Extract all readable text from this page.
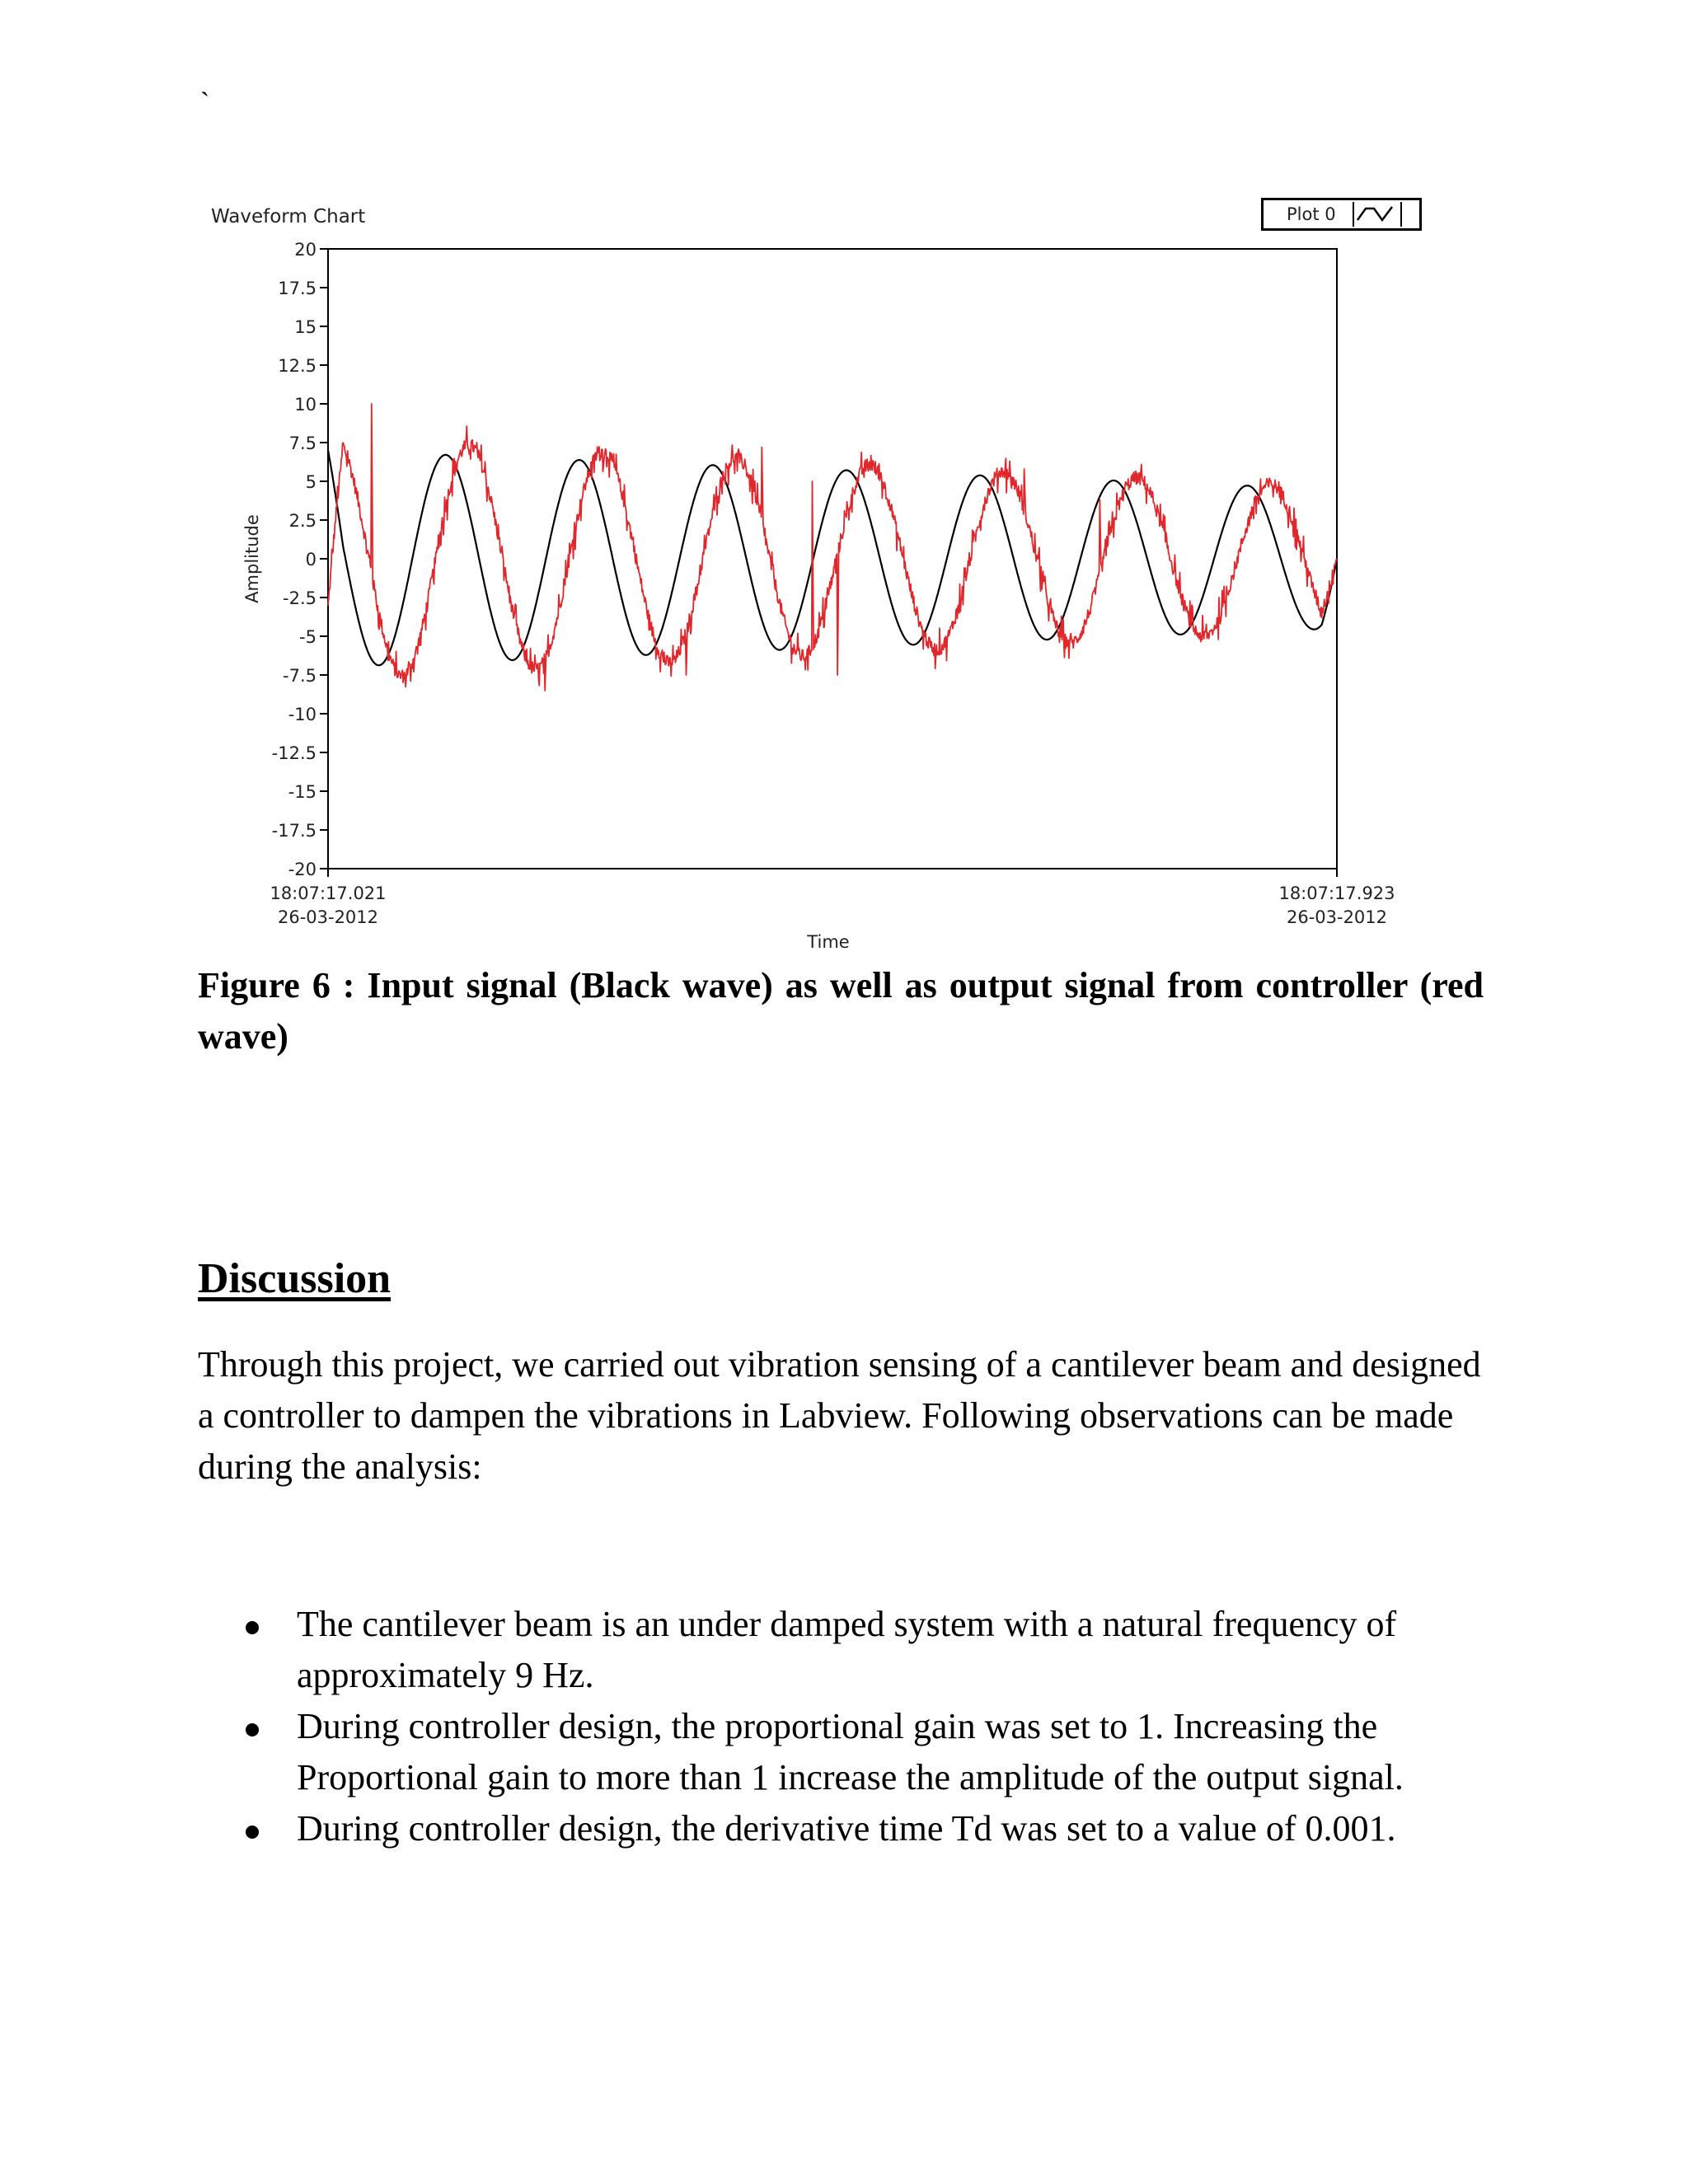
`
Waveform Chart	Plot 0
20
17.5
15
12.5
10
7.5
5
2.5
0
-2.5
-5
-7.5
-10
-12.5
-15
-17.5
-20
Amplitude
18:07:17.021
26-03-2012
18:07:17.923
26-03-2012
Time
Figure 6 : Input signal (Black wave) as well as output signal from controller (red wave)
Discussion
Through this project, we carried out vibration sensing of a cantilever beam and designed a controller to dampen the vibrations in Labview. Following observations can be made during the analysis:
The cantilever beam is an under damped system with a natural frequency of approximately 9 Hz.
During controller design, the proportional gain was set to 1. Increasing the Proportional gain to more than 1 increase the amplitude of the output signal.
During controller design, the derivative time Td was set to a value of 0.001.
